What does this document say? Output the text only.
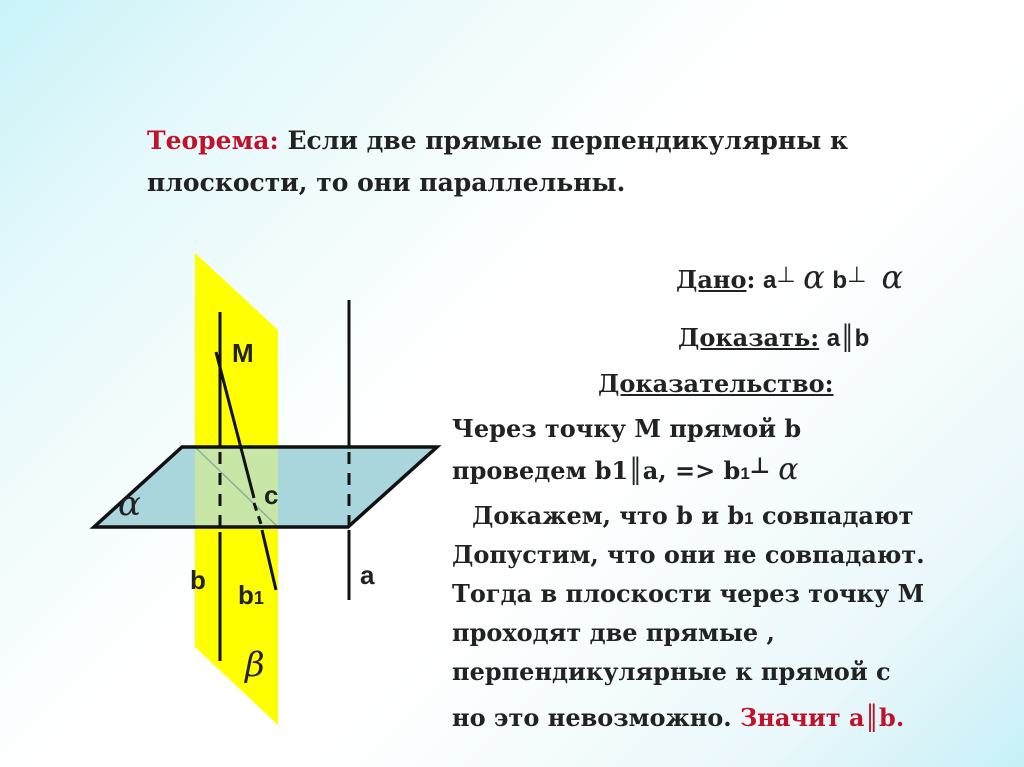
Теорема: Если две прямые перпендикулярны к плоскости, то они параллельны.
M
c
b b1
a
α
β
Дано: a⊥ α b⊥ α
Доказать: a║b
Доказательство:
Через точку М прямой b
проведем b1║a, => b1⊥ α
Докажем, что b и b1 совпадают
Допустим, что они не совпадают.
Тогда в плоскости через точку М
проходят две прямые ,
перпендикулярные к прямой с
но это невозможно. Значит а║b.
